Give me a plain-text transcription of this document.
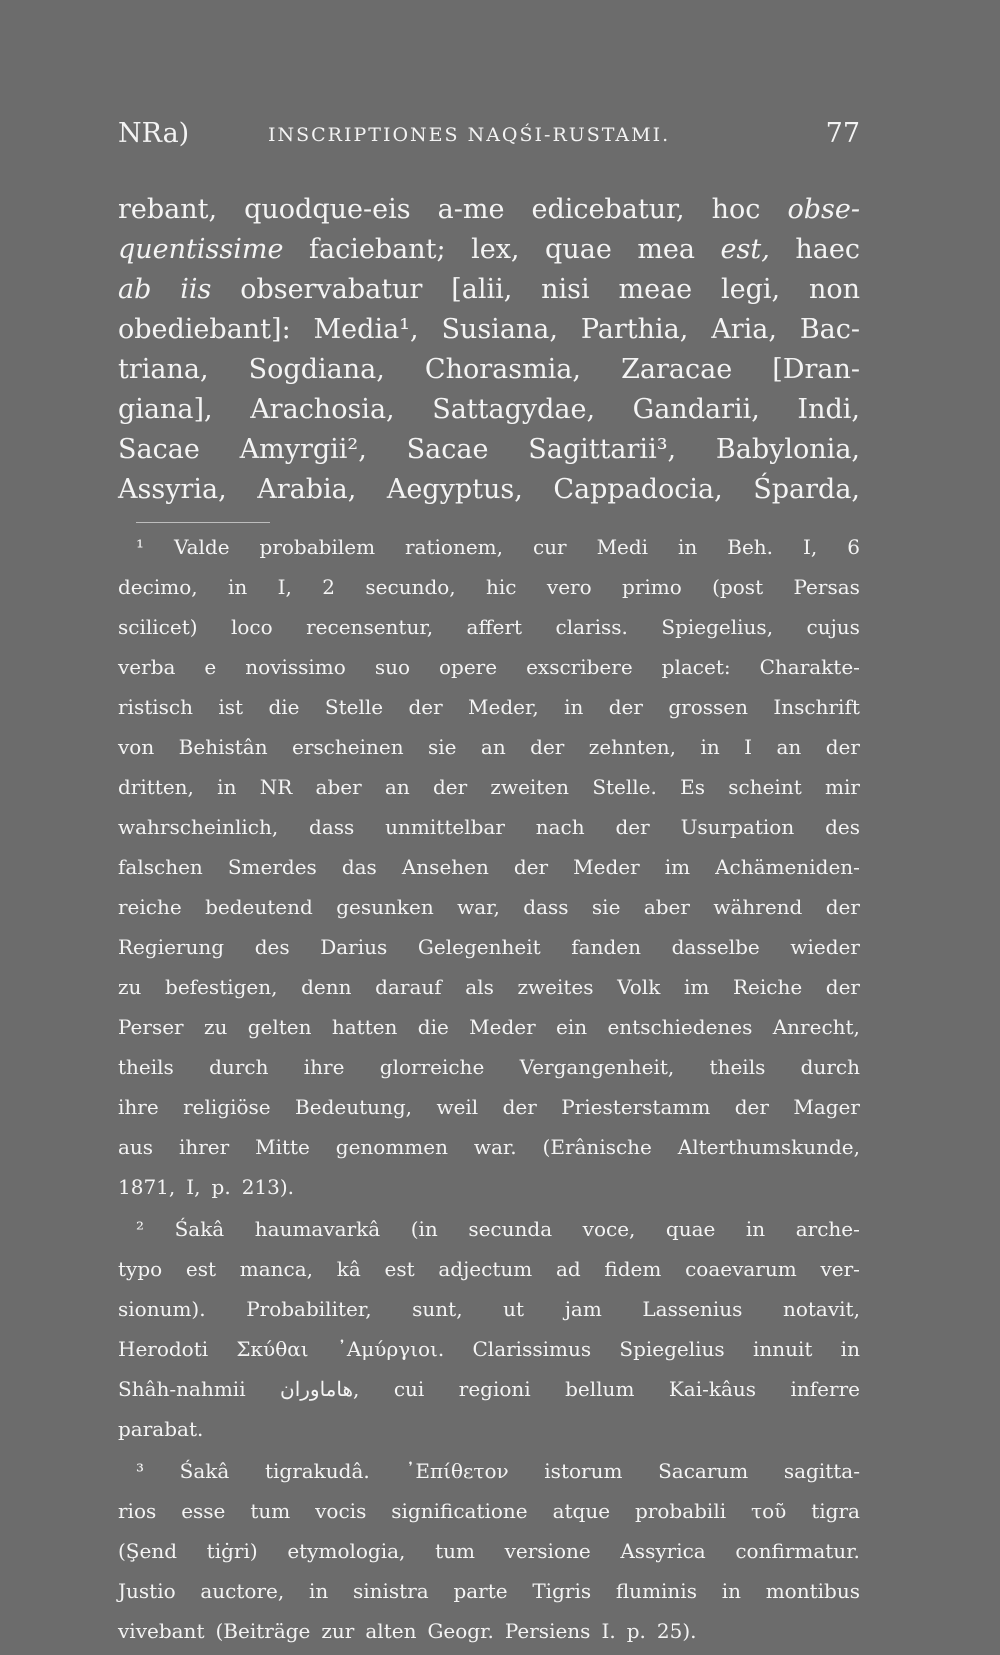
NRa)	INSCRIPTIONES NAQŚI-RUSTAMI.	77
rebant, quodque-eis a-me edicebatur, hoc obse-
quentissime faciebant; lex, quae mea est, haec
ab iis observabatur [alii, nisi meae legi, non
obediebant]: Media¹, Susiana, Parthia, Aria, Bac-
triana, Sogdiana, Chorasmia, Zaracae [Dran-
giana], Arachosia, Sattagydae, Gandarii, Indi,
Sacae Amyrgii², Sacae Sagittarii³, Babylonia,
Assyria, Arabia, Aegyptus, Cappadocia, Śparda,
¹ Valde probabilem rationem, cur Medi in Beh. I, 6
decimo, in I, 2 secundo, hic vero primo (post Persas
scilicet) loco recensentur, affert clariss. Spiegelius, cujus
verba e novissimo suo opere exscribere placet: Charakte-
ristisch ist die Stelle der Meder, in der grossen Inschrift
von Behistân erscheinen sie an der zehnten, in I an der
dritten, in NR aber an der zweiten Stelle. Es scheint mir
wahrscheinlich, dass unmittelbar nach der Usurpation des
falschen Smerdes das Ansehen der Meder im Achämeniden-
reiche bedeutend gesunken war, dass sie aber während der
Regierung des Darius Gelegenheit fanden dasselbe wieder
zu befestigen, denn darauf als zweites Volk im Reiche der
Perser zu gelten hatten die Meder ein entschiedenes Anrecht,
theils durch ihre glorreiche Vergangenheit, theils durch
ihre religiöse Bedeutung, weil der Priesterstamm der Mager
aus ihrer Mitte genommen war. (Erânische Alterthumskunde,
1871, I, p. 213).
² Śakâ haumavarkâ (in secunda voce, quae in arche-
typo est manca, kâ est adjectum ad fidem coaevarum ver-
sionum). Probabiliter, sunt, ut jam Lassenius notavit,
Herodoti Σκύθαι ᾿Αμύργιοι. Clarissimus Spiegelius innuit in
Shâh-nahmii هاماوران, cui regioni bellum Kai-kâus inferre
parabat.
³ Śakâ tigrakudâ. ᾿Επίθετον istorum Sacarum sagitta-
rios esse tum vocis significatione atque probabili τοῦ tigra
(Şend tiġri) etymologia, tum versione Assyrica confirmatur.
Justio auctore, in sinistra parte Tigris fluminis in montibus
vivebant (Beiträge zur alten Geogr. Persiens I. p. 25).
